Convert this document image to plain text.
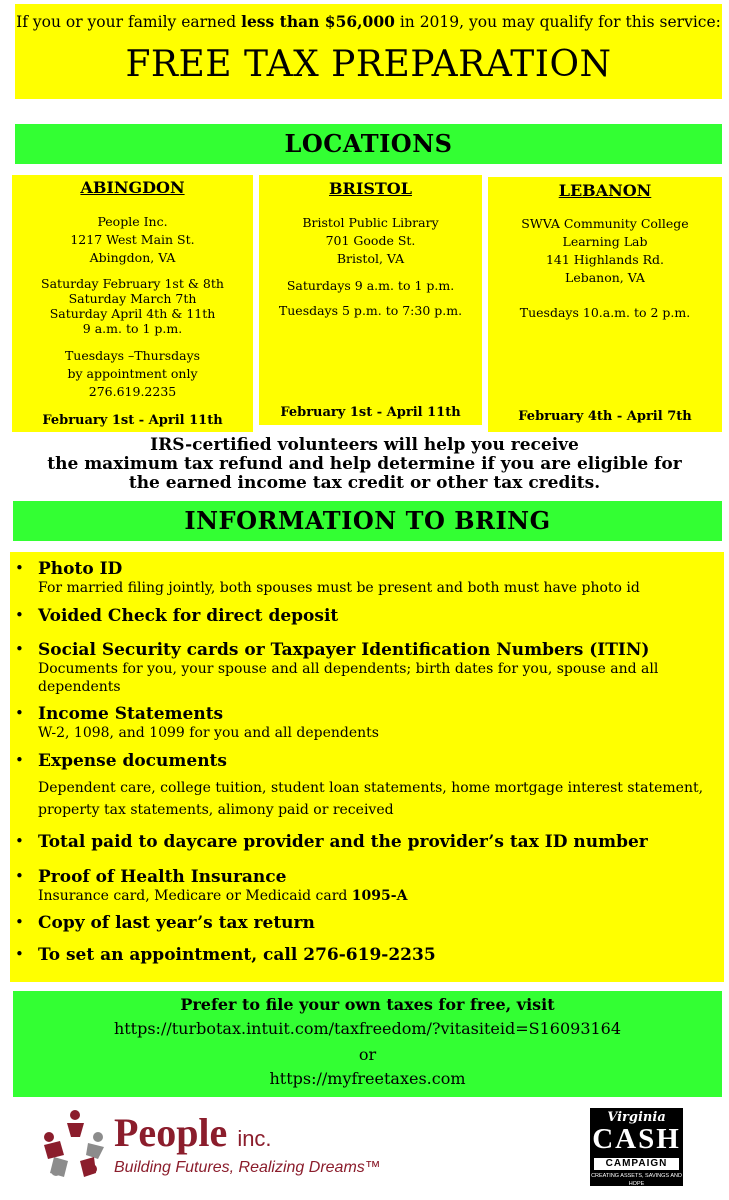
If you or your family earned less than $56,000 in 2019, you may qualify for this service:
FREE TAX PREPARATION
LOCATIONS
ABINGDON
People Inc.
1217 West Main St.
Abingdon, VA
Saturday February 1st & 8th
Saturday March 7th
Saturday April 4th & 11th
9 a.m. to 1 p.m.
Tuesdays –Thursdays
by appointment only
276.619.2235
February 1st - April 11th
BRISTOL
Bristol Public Library
701 Goode St.
Bristol, VA
Saturdays 9 a.m. to 1 p.m.
Tuesdays 5 p.m. to 7:30 p.m.
February 1st - April 11th
LEBANON
SWVA Community College
Learning Lab
141 Highlands Rd.
Lebanon, VA
Tuesdays 10.a.m. to 2 p.m.
February 4th - April 7th
IRS-certified volunteers will help you receive
the maximum tax refund and help determine if you are eligible for
the earned income tax credit or other tax credits.
INFORMATION TO BRING
• Photo ID
For married filing jointly, both spouses must be present and both must have photo id
• Voided Check for direct deposit
• Social Security cards or Taxpayer Identification Numbers (ITIN)
Documents for you, your spouse and all dependents; birth dates for you, spouse and all dependents
• Income Statements
W-2, 1098, and 1099 for you and all dependents
• Expense documents
Dependent care, college tuition, student loan statements, home mortgage interest statement, property tax statements, alimony paid or received
• Total paid to daycare provider and the provider’s tax ID number
• Proof of Health Insurance
Insurance card, Medicare or Medicaid card 1095-A
• Copy of last year’s tax return
• To set an appointment, call 276-619-2235
Prefer to file your own taxes for free, visit
https://turbotax.intuit.com/taxfreedom/?vitasiteid=S16093164
or
https://myfreetaxes.com
People inc.
Building Futures, Realizing Dreams™
Virginia
CASH
CAMPAIGN
CREATING ASSETS, SAVINGS AND HOPE
